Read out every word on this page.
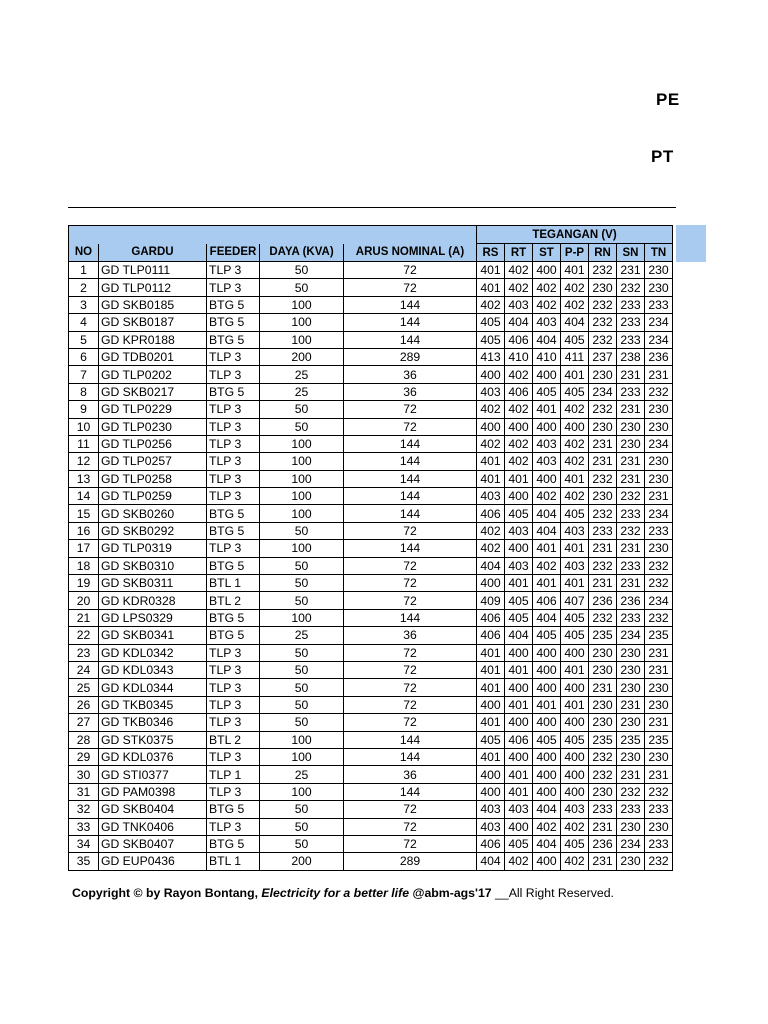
PE
PT
					TEGANGAN (V)						
NO	GARDU	FEEDER	DAYA (KVA)	ARUS NOMINAL (A)	RS	RT	ST	P-P	RN	SN	TN
1	GD TLP0111	TLP 3	50	72	401	402	400	401	232	231	230
2	GD TLP0112	TLP 3	50	72	401	402	402	402	230	232	230
3	GD SKB0185	BTG 5	100	144	402	403	402	402	232	233	233
4	GD SKB0187	BTG 5	100	144	405	404	403	404	232	233	234
5	GD KPR0188	BTG 5	100	144	405	406	404	405	232	233	234
6	GD TDB0201	TLP 3	200	289	413	410	410	411	237	238	236
7	GD TLP0202	TLP 3	25	36	400	402	400	401	230	231	231
8	GD SKB0217	BTG 5	25	36	403	406	405	405	234	233	232
9	GD TLP0229	TLP 3	50	72	402	402	401	402	232	231	230
10	GD TLP0230	TLP 3	50	72	400	400	400	400	230	230	230
11	GD TLP0256	TLP 3	100	144	402	402	403	402	231	230	234
12	GD TLP0257	TLP 3	100	144	401	402	403	402	231	231	230
13	GD TLP0258	TLP 3	100	144	401	401	400	401	232	231	230
14	GD TLP0259	TLP 3	100	144	403	400	402	402	230	232	231
15	GD SKB0260	BTG 5	100	144	406	405	404	405	232	233	234
16	GD SKB0292	BTG 5	50	72	402	403	404	403	233	232	233
17	GD TLP0319	TLP 3	100	144	402	400	401	401	231	231	230
18	GD SKB0310	BTG 5	50	72	404	403	402	403	232	233	232
19	GD SKB0311	BTL 1	50	72	400	401	401	401	231	231	232
20	GD KDR0328	BTL 2	50	72	409	405	406	407	236	236	234
21	GD LPS0329	BTG 5	100	144	406	405	404	405	232	233	232
22	GD SKB0341	BTG 5	25	36	406	404	405	405	235	234	235
23	GD KDL0342	TLP 3	50	72	401	400	400	400	230	230	231
24	GD KDL0343	TLP 3	50	72	401	401	400	401	230	230	231
25	GD KDL0344	TLP 3	50	72	401	400	400	400	231	230	230
26	GD TKB0345	TLP 3	50	72	400	401	401	401	230	231	230
27	GD TKB0346	TLP 3	50	72	401	400	400	400	230	230	231
28	GD STK0375	BTL 2	100	144	405	406	405	405	235	235	235
29	GD KDL0376	TLP 3	100	144	401	400	400	400	232	230	230
30	GD STI0377	TLP 1	25	36	400	401	400	400	232	231	231
31	GD PAM0398	TLP 3	100	144	400	401	400	400	230	232	232
32	GD SKB0404	BTG 5	50	72	403	403	404	403	233	233	233
33	GD TNK0406	TLP 3	50	72	403	400	402	402	231	230	230
34	GD SKB0407	BTG 5	50	72	406	405	404	405	236	234	233
35	GD EUP0436	BTL 1	200	289	404	402	400	402	231	230	232
Copyright © by Rayon Bontang, Electricity for a better life @abm-ags'17 __All Right Reserved.
